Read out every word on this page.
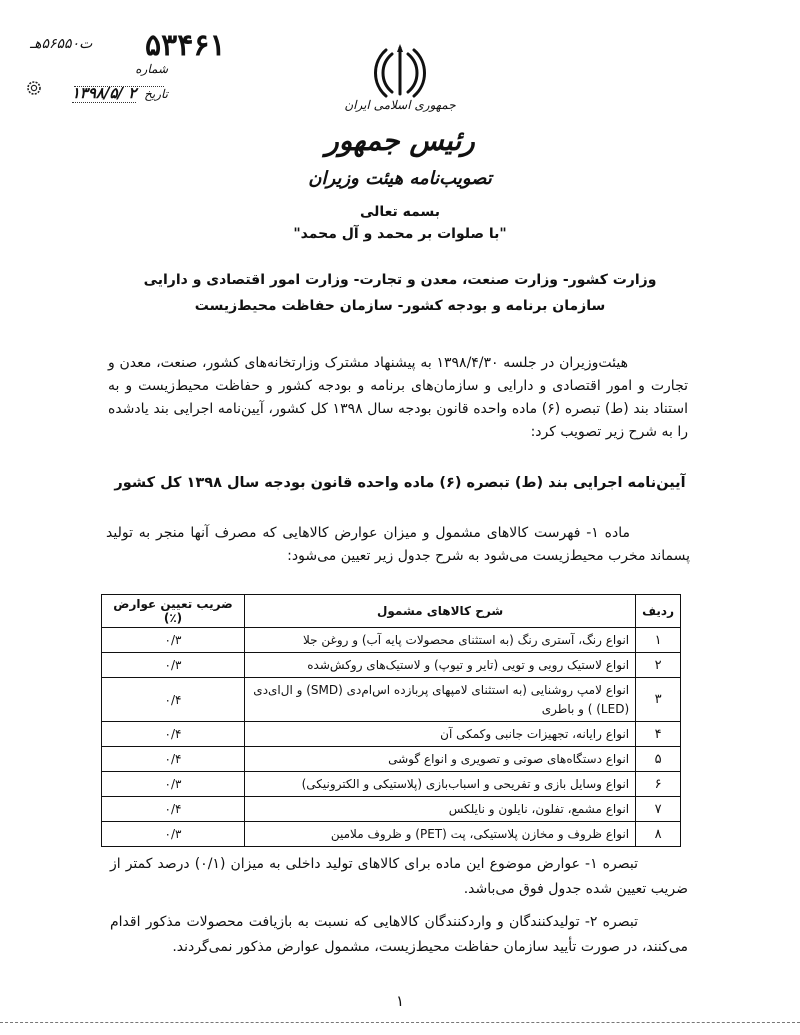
۵۳۴۶۱
ت۵۶۵۵۰هـ
شماره
تاریخ ۱۳۹۸/۵/ ۲
جمهوری اسلامی ایران
رئیس جمهور
تصویب‌نامه هیئت وزیران
بسمه تعالی
"با صلوات بر محمد و آل محمد"
وزارت کشور- وزارت صنعت، معدن و تجارت- وزارت امور اقتصادی و دارایی
سازمان برنامه و بودجه کشور- سازمان حفاظت محیط‌زیست
هیئت‌وزیران در جلسه ۱۳۹۸/۴/۳۰ به پیشنهاد مشترک وزارتخانه‌های کشور، صنعت، معدن و تجارت و امور اقتصادی و دارایی و سازمان‌های برنامه و بودجه کشور و حفاظت محیط‌زیست و به استناد بند (ط) تبصره (۶) ماده واحده قانون بودجه سال ۱۳۹۸ کل کشور، آیین‌نامه اجرایی بند یادشده را به شرح زیر تصویب کرد:
آیین‌نامه اجرایی بند (ط) تبصره (۶) ماده واحده قانون بودجه سال ۱۳۹۸ کل کشور
ماده ۱- فهرست کالاهای مشمول و میزان عوارض کالاهایی که مصرف آنها منجر به تولید پسماند مخرب محیط‌زیست می‌شود به شرح جدول زیر تعیین می‌شود:
ردیف	شرح کالاهای مشمول	ضریب تعیین عوارض (٪)
۱	انواع رنگ، آستری رنگ (به استثنای محصولات پایه آب) و روغن جلا	۰/۳
۲	انواع لاستیک رویی و تویی (تایر و تیوپ) و لاستیک‌های روکش‌شده	۰/۳
۳	انواع لامپ روشنایی (به استثنای لامپهای پربازده اس‌ام‌دی (SMD) و ال‌ای‌دی (LED) ) و باطری	۰/۴
۴	انواع رایانه، تجهیزات جانبی وکمکی آن	۰/۴
۵	انواع دستگاه‌های صوتی و تصویری و انواع گوشی	۰/۴
۶	انواع وسایل بازی و تفریحی و اسباب‌بازی (پلاستیکی و الکترونیکی)	۰/۳
۷	انواع مشمع، تفلون، نایلون و نایلکس	۰/۴
۸	انواع ظروف و مخازن پلاستیکی، پت (PET) و ظروف ملامین	۰/۳
تبصره ۱- عوارض موضوع این ماده برای کالاهای تولید داخلی به میزان (۰/۱) درصد کمتر از ضریب تعیین شده جدول فوق می‌باشد.
تبصره ۲- تولیدکنندگان و واردکنندگان کالاهایی که نسبت به بازیافت محصولات مذکور اقدام می‌کنند، در صورت تأیید سازمان حفاظت محیط‌زیست، مشمول عوارض مذکور نمی‌گردند.
۱
